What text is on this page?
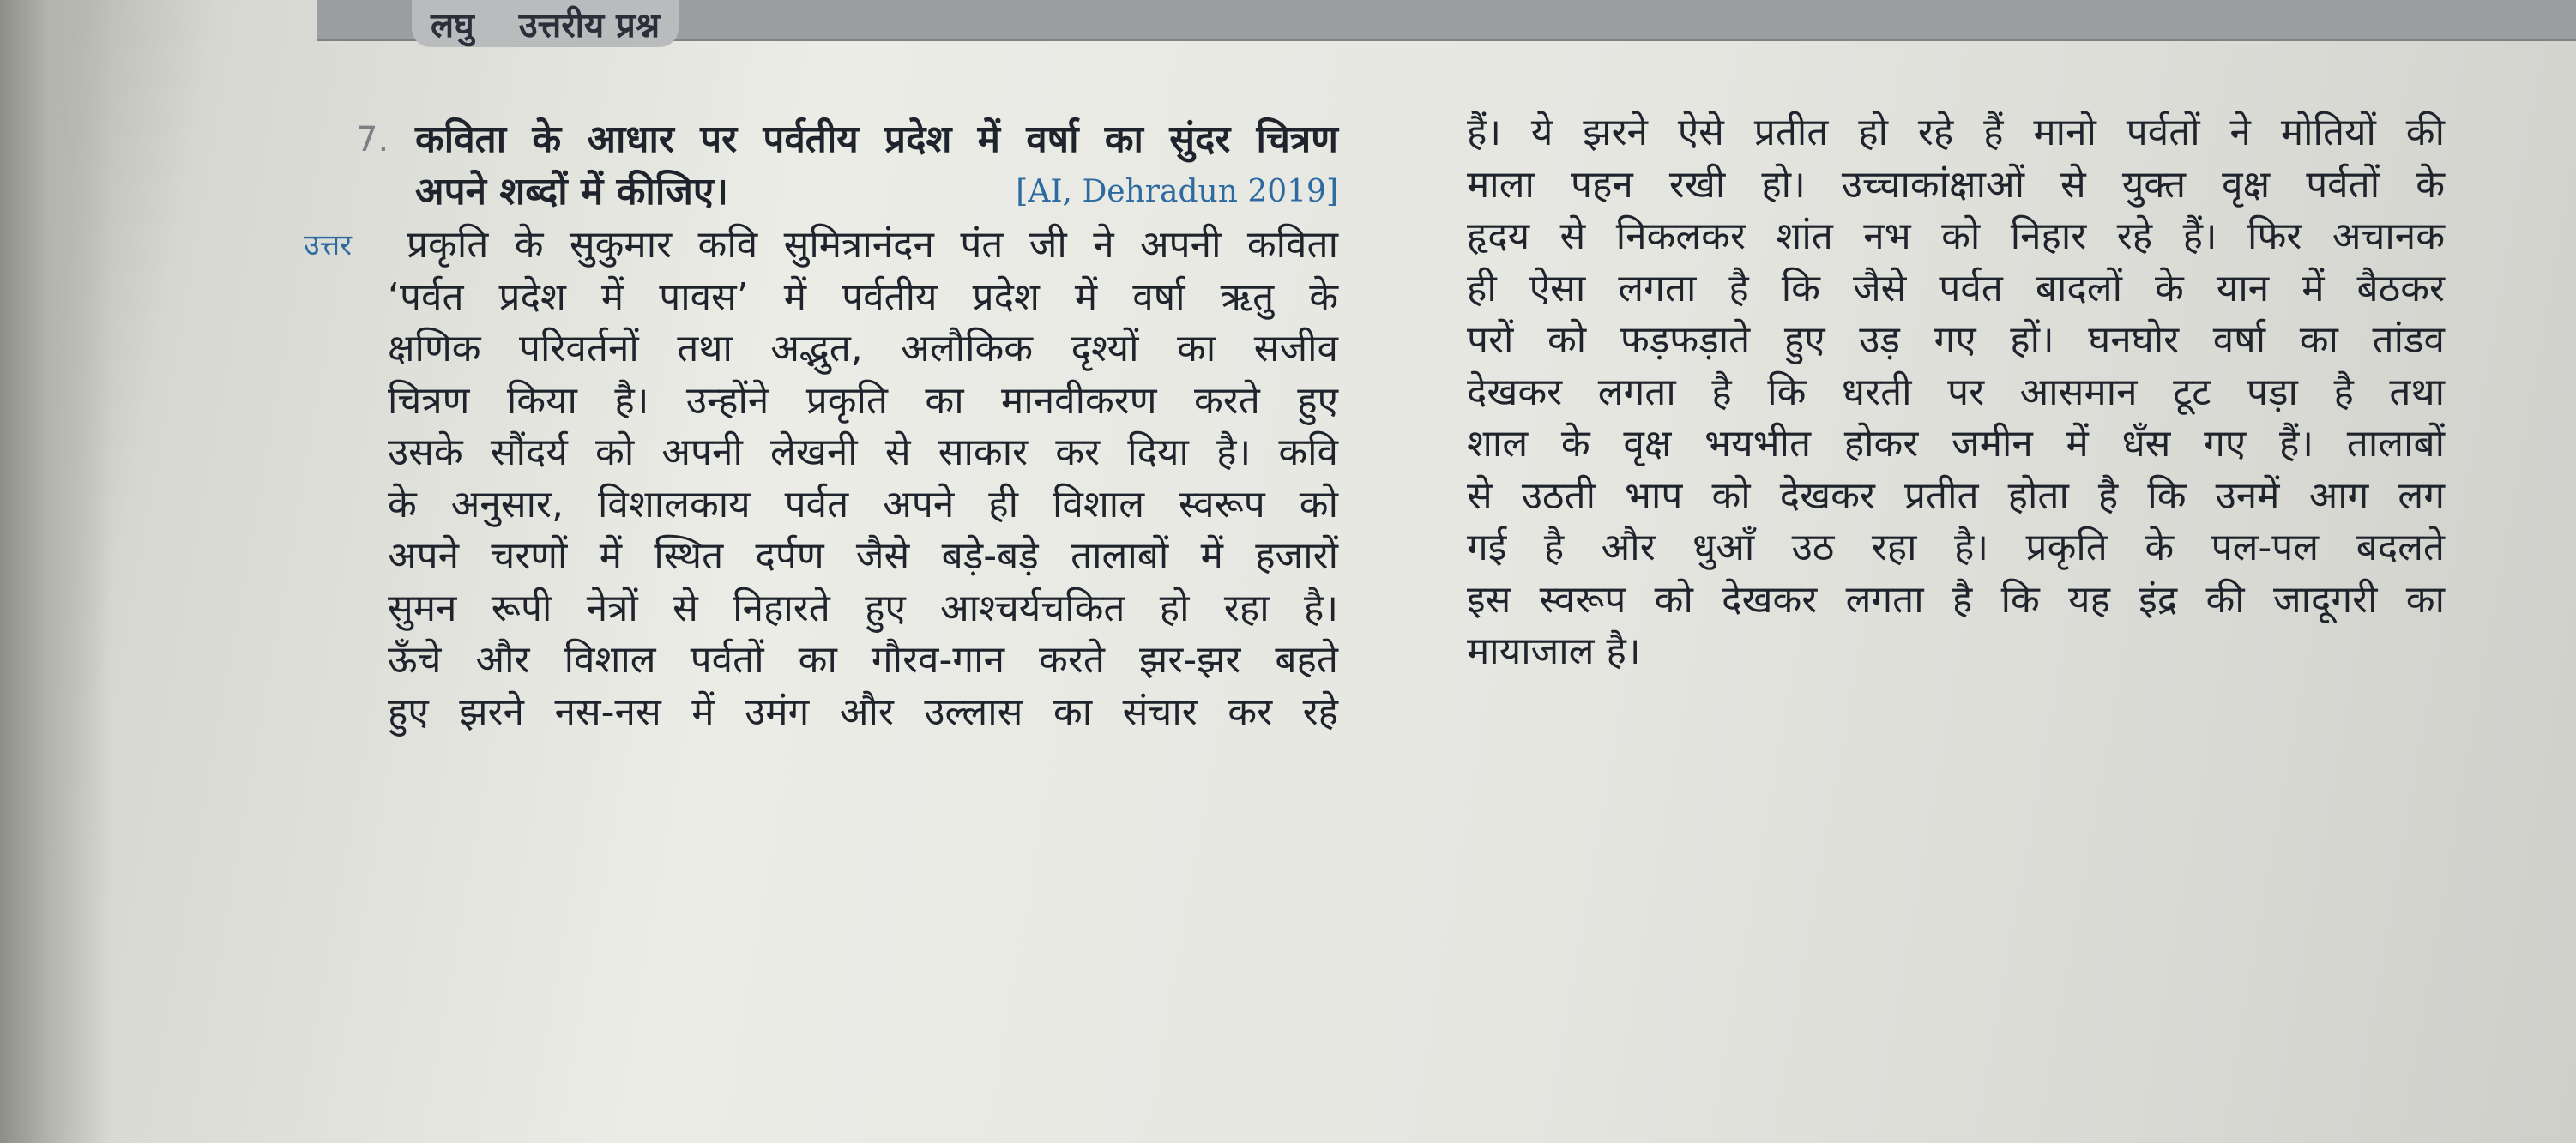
लघु उत्तरीय प्रश्न
7. कविता के आधार पर पर्वतीय प्रदेश में वर्षा का सुंदर चित्रण
अपने शब्दों में कीजिए।	[AI, Dehradun 2019]
उत्तर प्रकृति के सुकुमार कवि सुमित्रानंदन पंत जी ने अपनी कविता
‘पर्वत प्रदेश में पावस’ में पर्वतीय प्रदेश में वर्षा ऋतु के
क्षणिक परिवर्तनों तथा अद्भुत, अलौकिक दृश्यों का सजीव
चित्रण किया है। उन्होंने प्रकृति का मानवीकरण करते हुए
उसके सौंदर्य को अपनी लेखनी से साकार कर दिया है। कवि
के अनुसार, विशालकाय पर्वत अपने ही विशाल स्वरूप को
अपने चरणों में स्थित दर्पण जैसे बड़े-बड़े तालाबों में हजारों
सुमन रूपी नेत्रों से निहारते हुए आश्चर्यचकित हो रहा है।
ऊँचे और विशाल पर्वतों का गौरव-गान करते झर-झर बहते
हुए झरने नस-नस में उमंग और उल्लास का संचार कर रहे
हैं। ये झरने ऐसे प्रतीत हो रहे हैं मानो पर्वतों ने मोतियों की
माला पहन रखी हो। उच्चाकांक्षाओं से युक्त वृक्ष पर्वतों के
हृदय से निकलकर शांत नभ को निहार रहे हैं। फिर अचानक
ही ऐसा लगता है कि जैसे पर्वत बादलों के यान में बैठकर
परों को फड़फड़ाते हुए उड़ गए हों। घनघोर वर्षा का तांडव
देखकर लगता है कि धरती पर आसमान टूट पड़ा है तथा
शाल के वृक्ष भयभीत होकर जमीन में धँस गए हैं। तालाबों
से उठती भाप को देखकर प्रतीत होता है कि उनमें आग लग
गई है और धुआँ उठ रहा है। प्रकृति के पल-पल बदलते
इस स्वरूप को देखकर लगता है कि यह इंद्र की जादूगरी का
मायाजाल है।
